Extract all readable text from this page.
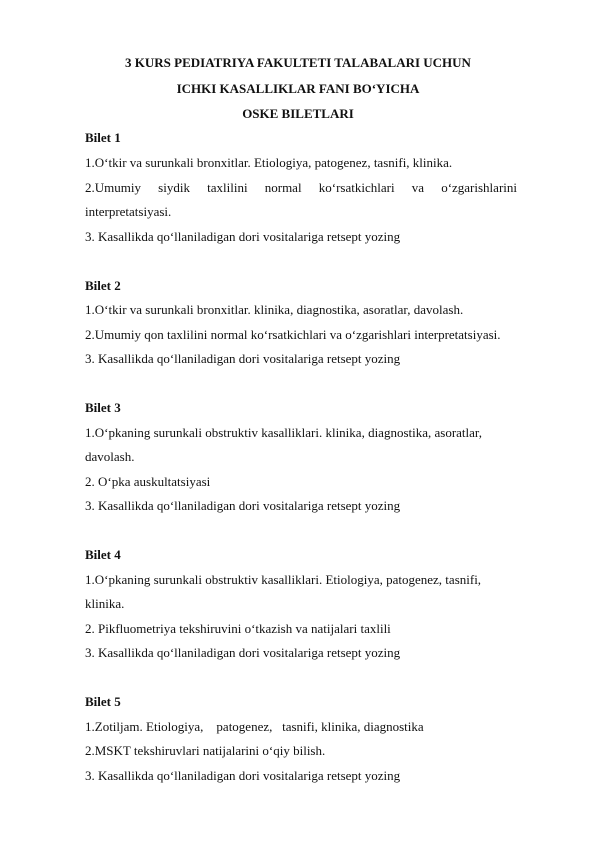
3 KURS PEDIATRIYA FAKULTETI TALABALARI UCHUN
ICHKI KASALLIKLAR FANI BO‘YICHA
OSKE BILETLARI
Bilet 1
1.O‘tkir va surunkali bronxitlar. Etiologiya, patogenez, tasnifi, klinika.
2.Umumiy siydik taxlilini normal ko‘rsatkichlari va o‘zgarishlarini
interpretatsiyasi.
3. Kasallikda qo‘llaniladigan dori vositalariga retsept yozing
Bilet 2
1.O‘tkir va surunkali bronxitlar. klinika, diagnostika, asoratlar, davolash.
2.Umumiy qon taxlilini normal ko‘rsatkichlari va o‘zgarishlari interpretatsiyasi.
3. Kasallikda qo‘llaniladigan dori vositalariga retsept yozing
Bilet 3
1.O‘pkaning surunkali obstruktiv kasalliklari. klinika, diagnostika, asoratlar,
davolash.
2. O‘pka auskultatsiyasi
3. Kasallikda qo‘llaniladigan dori vositalariga retsept yozing
Bilet 4
1.O‘pkaning surunkali obstruktiv kasalliklari. Etiologiya, patogenez, tasnifi,
klinika.
2. Pikfluometriya tekshiruvini o‘tkazish va natijalari taxlili
3. Kasallikda qo‘llaniladigan dori vositalariga retsept yozing
Bilet 5
1.Zotiljam. Etiologiya,    patogenez,   tasnifi, klinika, diagnostika
2.MSKT tekshiruvlari natijalarini o‘qiy bilish.
3. Kasallikda qo‘llaniladigan dori vositalariga retsept yozing
